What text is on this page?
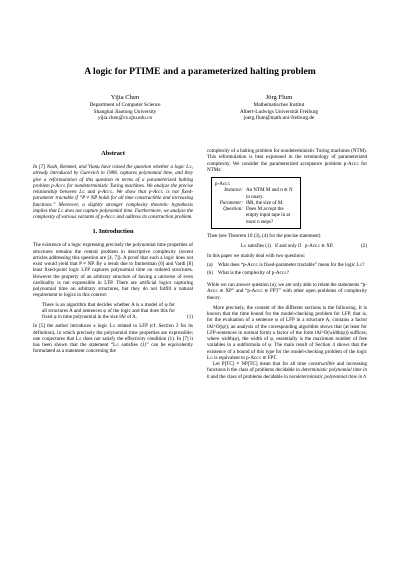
A logic for PTIME and a parameterized halting problem
Yijia Chen
Department of Computer Science
Shanghai Jiaotong University
yijia.chen@cs.sjtu.edu.cn
Jörg Flum
Mathematisches Institut
Albert-Ludwigs Universität Freiburg
joerg.flum@math.uni-freiburg.de
Abstract

In [7] Nash, Remmel, and Vianu have raised the question whether a logic L≤, already introduced by Gurevich in 1988, captures polynomial time, and they give a reformulation of this question in terms of a parameterized halting problem p-Acc≤ for nondeterministic Turing machines. We analyze the precise relationship between L≤ and p-Acc≤. We show that p-Acc≤ is not fixed-parameter tractable if “P ≠ NP holds for all time constructible and increasing functions.” Moreover, a slightly stronger complexity theoretic hypothesis implies that L≤ does not capture polynomial time. Furthermore, we analyze the complexity of various variants of p-Acc≤ and address its construction problem.

1. Introduction

The existence of a logic expressing precisely the polynomial time properties of structures remains the central problem in descriptive complexity (recent articles addressing this question are [4, 7]). A proof that such a logic does not exist would yield that P ≠ NP. By a result due to Immerman [6] and Vardi [8] least fixed-point logic LFP captures polynomial time on ordered structures. However the property of an arbitrary structure of having a universe of even cardinality is not expressible in LFP. There are artificial logics capturing polynomial time on arbitrary structures, but they do not fulfill a natural requirement to logics in this context:

There is an algorithm that decides whether A is a model of φ for all structures A and sentences φ of the logic and that does this for fixed φ in time polynomial in the size ‖A‖ of A.	(1)

In [5] the author introduces a logic L≤ related to LFP (cf. Section 3 for its definition), in which precisely the polynomial time properties are expressible; one conjectures that L≤ does not satisfy the effectivity condition (1). In [7] it has been shown that the statement “L≤ satisfies (1)” can be equivalently formulated as a statement concerning the

complexity of a halting problem for nondeterministic Turing machines (NTM). This reformulation is best expressed in the terminology of parameterized complexity. We consider the parameterized acceptance problem p-Acc≤ for NTMs:

p-Acc≤
Instance: An NTM M and n ∈ N in unary.
Parameter: ‖M‖, the size of M.
Question: Does M accept the empty input tape in at most n steps?

Then (see Theorem 10 (3), (4) for the precise statement)

L≤ satisfies (1)   if and only if   p-Acc≤ ∈ XP.	(2)

In this paper we mainly deal with two questions:

(a)	What does “p-Acc≤ is fixed-parameter tractable” mean for the logic L≤?
(b)	What is the complexity of p-Acc≤?

While we can answer question (a), we are only able to relate the statements “p-Acc≤ ∈ XP” and “p-Acc≤ ∈ FPT” with other open problems of complexity theory.

More precisely, the content of the different sections is the following. It is known that the time bound for the model-checking problem for LFP, that is, for the evaluation of a sentence φ of LFP in a structure A, contains a factor ‖A‖^O(|φ|); an analysis of the corresponding algorithm shows that (at least for LFP-sentences in normal form) a factor of the form ‖A‖^O(width(φ)) suffices, where width(φ), the width of φ, essentially is the maximum number of free variables in a subformula of φ. The main result of Section 4 shows that the existence of a bound of this type for the model-checking problem of the logic L≤ is equivalent to p-Acc≤ ∈ FPT.

Let P[TC] ≠ NP[TC] mean that for all time constructible and increasing functions h the class of problems decidable in deterministic polynomial time in h and the class of problems decidable in nondeterministic polynomial time in h
